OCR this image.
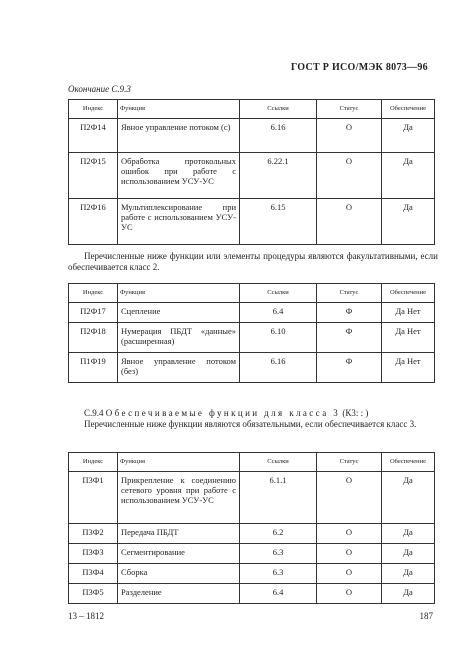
ГОСТ Р ИСО/МЭК 8073—96
Окончание С.9.3
Индекс	Функция	Ссылки	Статус	Обеспечение
П2Ф14	Явное управление потоком (с)	6.16	О	Да
П2Ф15	Обработка протокольных ошибок при работе с использованием УСУ-УС	6.22.1	О	Да
П2Ф16	Мультиплексирование при работе с использованием УСУ-УС	6.15	О	Да
Перечисленные ниже функции или элементы процедуры являются факультативными, если обеспечивается класс 2.
Индекс	Функция	Ссылки	Статус	Обеспечение
П2Ф17	Сцепление	6.4	Ф	Да Нет
П2Ф18	Нумерация ПБДТ «данные» (расширенная)	6.10	Ф	Да Нет
П1Ф19	Явное управление потоком (без)	6.16	Ф	Да Нет
С.9.4 Обеспечиваемые функции для класса 3 (К3: : )
Перечисленные ниже функции являются обязательными, если обеспечивается класс 3.
Индекс	Функция	Ссылки	Статус	Обеспечение
П3Ф1	Прикрепление к соединению сетевого уровня при работе с использованием УСУ-УС	6.1.1	О	Да
П3Ф2	Передача ПБДТ	6.2	О	Да
П3Ф3	Сегментирование	6.3	О	Да
П3Ф4	Сборка	6.3	О	Да
П3Ф5	Разделение	6.4	О	Да
13 – 1812	187
